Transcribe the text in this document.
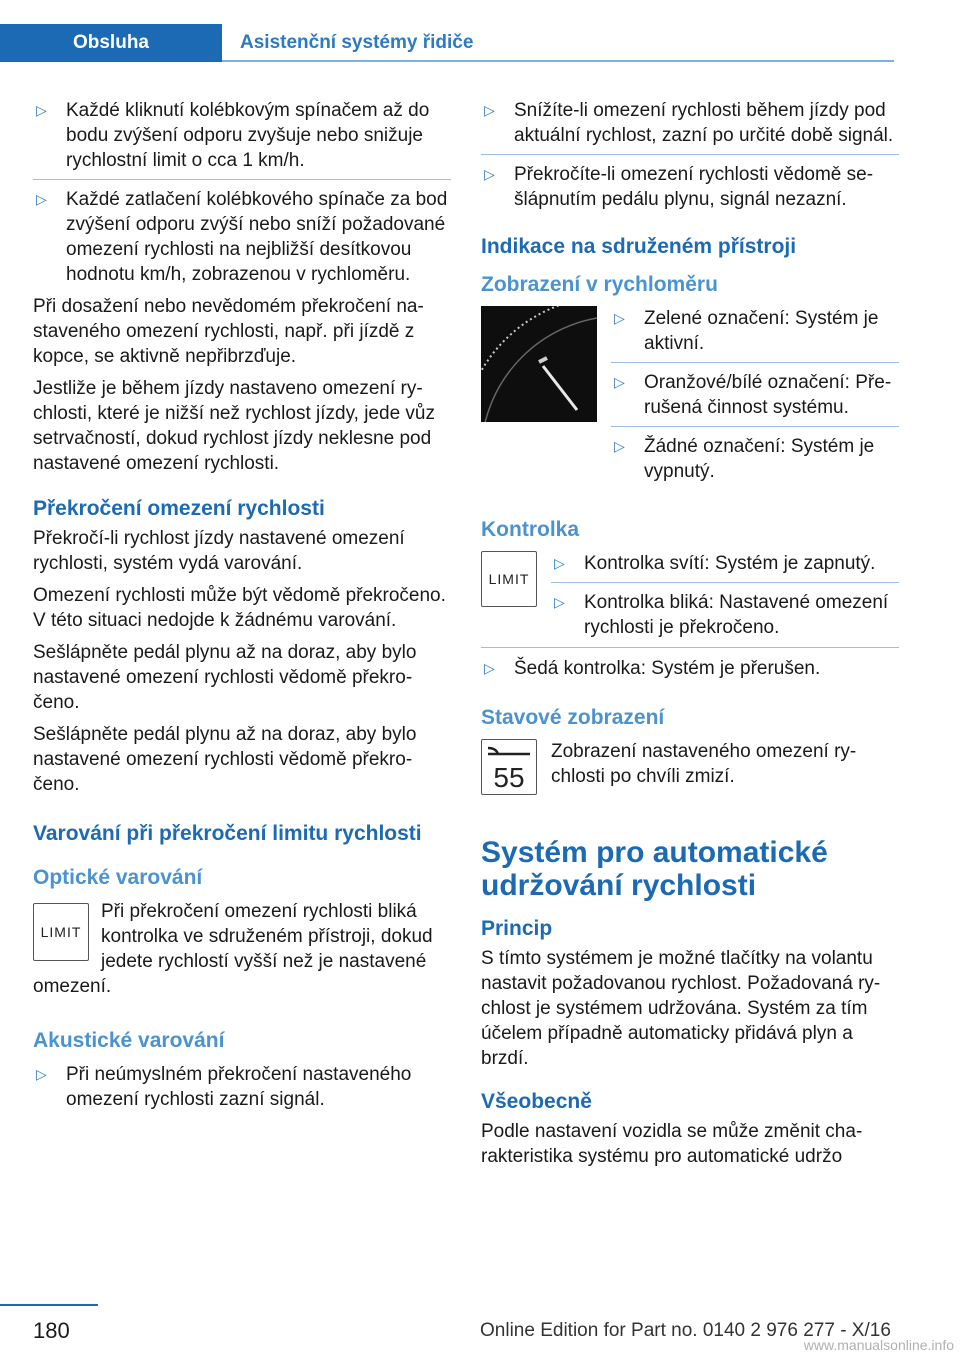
Obsluha	Asistenční systémy řidiče
▷ Každé kliknutí kolébkovým spínačem až do bodu zvýšení odporu zvyšuje nebo snižuje rychlostní limit o cca 1 km/h.
▷ Každé zatlačení kolébkového spínače za bod zvýšení odporu zvýší nebo sníží požadované omezení rychlosti na nejbližší desítkovou hodnotu km/h, zobrazenou v rychloměru.

Při dosažení nebo nevědomém překročení nastaveného omezení rychlosti, např. při jízdě z kopce, se aktivně nepřibrzďuje.

Jestliže je během jízdy nastaveno omezení rychlosti, které je nižší než rychlost jízdy, jede vůz setrvačností, dokud rychlost jízdy neklesne pod nastavené omezení rychlosti.

Překročení omezení rychlosti

Překročí-li rychlost jízdy nastavené omezení rychlosti, systém vydá varování.

Omezení rychlosti může být vědomě překročeno. V této situaci nedojde k žádnému varování.

Sešlápněte pedál plynu až na doraz, aby bylo nastavené omezení rychlosti vědomě překročeno.

Sešlápněte pedál plynu až na doraz, aby bylo nastavené omezení rychlosti vědomě překročeno.

Varování při překročení limitu rychlosti
Optické varování
LIMIT

Při překročení omezení rychlosti bliká kontrolka ve sdruženém přístroji, dokud jedete rychlostí vyšší než je nastavené omezení.

Akustické varování
▷ Při neúmyslném překročení nastaveného omezení rychlosti zazní signál.
▷ Snížíte-li omezení rychlosti během jízdy pod aktuální rychlost, zazní po určité době signál.
▷ Překročíte-li omezení rychlosti vědomě sešlápnutím pedálu plynu, signál nezazní.
Indikace na sdruženém přístroji
Zobrazení v rychloměru
▷ Zelené označení: Systém je aktivní.
▷ Oranžové/bílé označení: Přerušená činnost systému.
▷ Žádné označení: Systém je vypnutý.
Kontrolka
LIMIT
▷ Kontrolka svítí: Systém je zapnutý.
▷ Kontrolka bliká: Nastavené omezení rychlosti je překročeno.
▷ Šedá kontrolka: Systém je přerušen.
Stavové zobrazení
55

Zobrazení nastaveného omezení rychlosti po chvíli zmizí.

Systém pro automatické udržování rychlosti
Princip

S tímto systémem je možné tlačítky na volantu nastavit požadovanou rychlost. Požadovaná rychlost je systémem udržována. Systém za tím účelem případně automaticky přidává plyn a brzdí.

Všeobecně

Podle nastavení vozidla se může změnit charakteristika systému pro automatické udržo

180	Online Edition for Part no. 0140 2 976 277 - X/16
www.manualsonline.info
